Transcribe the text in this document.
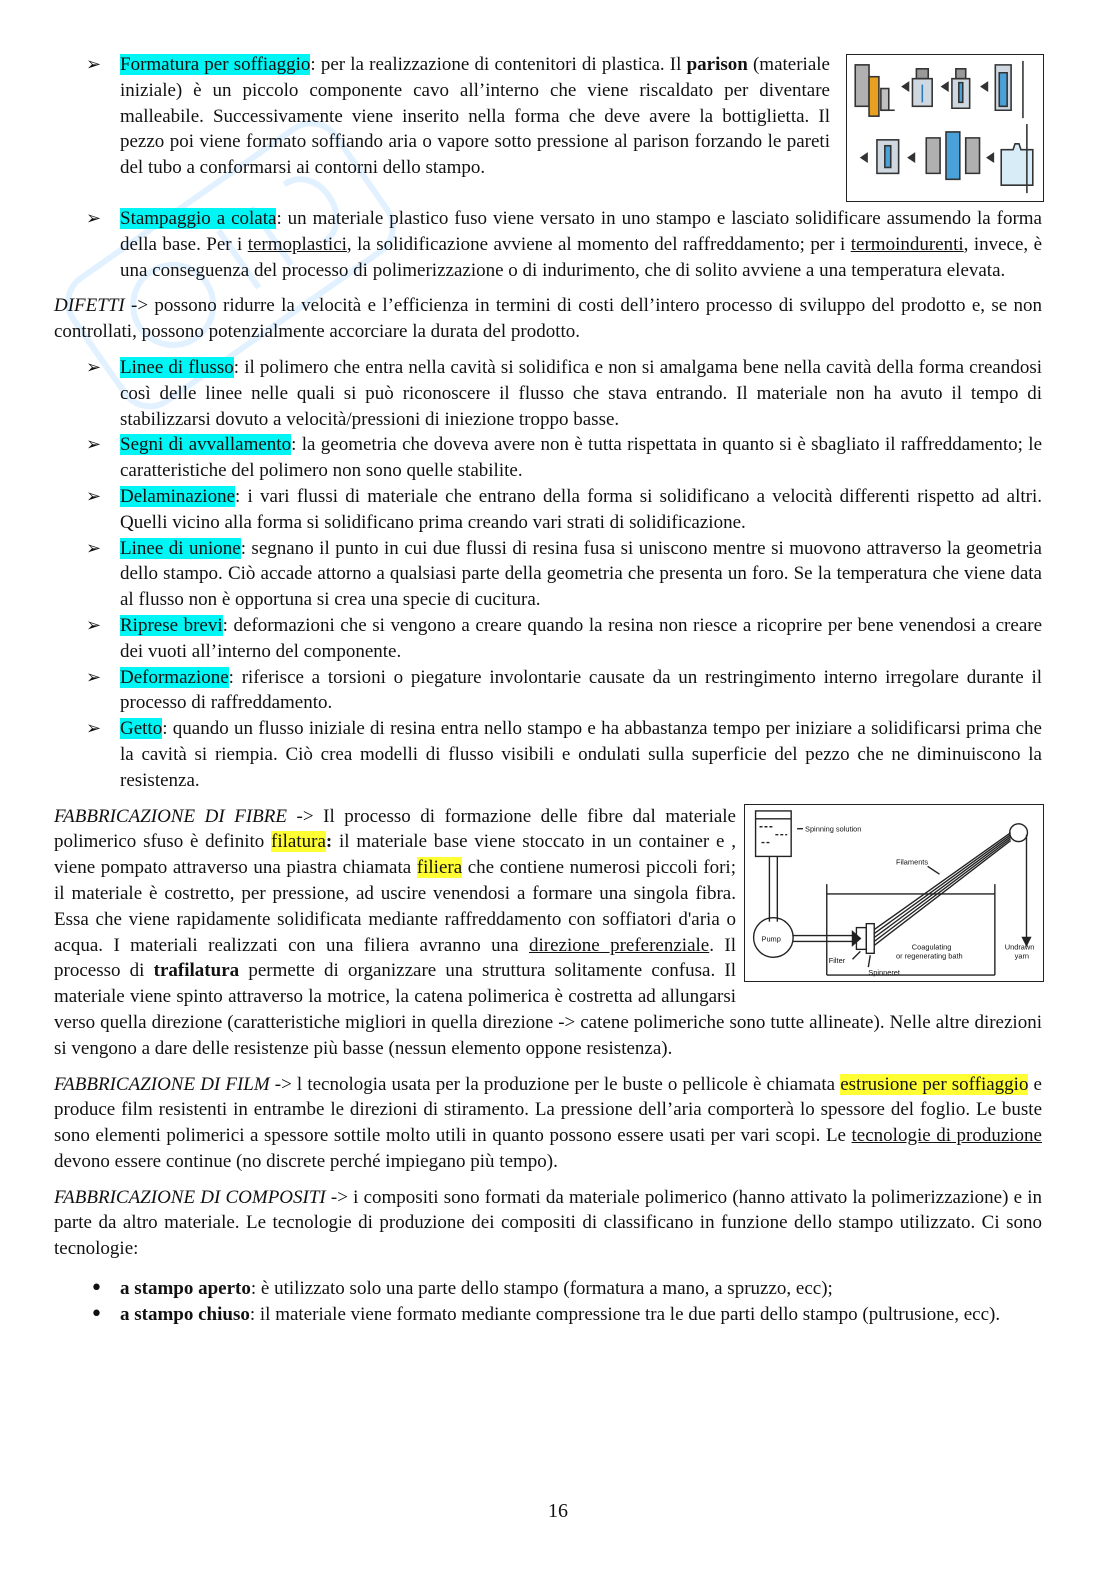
➢ Formatura per soffiaggio: per la realizzazione di contenitori di plastica. Il parison (materiale iniziale) è un piccolo componente cavo all’interno che viene riscaldato per diventare malleabile. Successivamente viene inserito nella forma che deve avere la bottiglietta. Il pezzo poi viene formato soffiando aria o vapore sotto pressione al parison forzando le pareti del tubo a conformarsi ai contorni dello stampo.
➢ Stampaggio a colata: un materiale plastico fuso viene versato in uno stampo e lasciato solidificare assumendo la forma della base. Per i termoplastici, la solidificazione avviene al momento del raffreddamento; per i termoindurenti, invece, è una conseguenza del processo di polimerizzazione o di indurimento, che di solito avviene a una temperatura elevata.

DIFETTI -> possono ridurre la velocità e l’efficienza in termini di costi dell’intero processo di sviluppo del prodotto e, se non controllati, possono potenzialmente accorciare la durata del prodotto.

➢ Linee di flusso: il polimero che entra nella cavità si solidifica e non si amalgama bene nella cavità della forma creandosi così delle linee nelle quali si può riconoscere il flusso che stava entrando. Il materiale non ha avuto il tempo di stabilizzarsi dovuto a velocità/pressioni di iniezione troppo basse.
➢ Segni di avvallamento: la geometria che doveva avere non è tutta rispettata in quanto si è sbagliato il raffreddamento; le caratteristiche del polimero non sono quelle stabilite.
➢ Delaminazione: i vari flussi di materiale che entrano della forma si solidificano a velocità differenti rispetto ad altri. Quelli vicino alla forma si solidificano prima creando vari strati di solidificazione.
➢ Linee di unione: segnano il punto in cui due flussi di resina fusa si uniscono mentre si muovono attraverso la geometria dello stampo. Ciò accade attorno a qualsiasi parte della geometria che presenta un foro. Se la temperatura che viene data al flusso non è opportuna si crea una specie di cucitura.
➢ Riprese brevi: deformazioni che si vengono a creare quando la resina non riesce a ricoprire per bene venendosi a creare dei vuoti all’interno del componente.
➢ Deformazione: riferisce a torsioni o piegature involontarie causate da un restringimento interno irregolare durante il processo di raffreddamento.
➢ Getto: quando un flusso iniziale di resina entra nello stampo e ha abbastanza tempo per iniziare a solidificarsi prima che la cavità si riempia. Ciò crea modelli di flusso visibili e ondulati sulla superficie del pezzo che ne diminuiscono la resistenza.

Spinning solution
Filaments
Pump
Filter
Spinneret
Coagulating
or regenerating bath
Undrawn
yarn
FABBRICAZIONE DI FIBRE -> Il processo di formazione delle fibre dal materiale polimerico sfuso è definito filatura: il materiale base viene stoccato in un container e , viene pompato attraverso una piastra chiamata filiera che contiene numerosi piccoli fori; il materiale è costretto, per pressione, ad uscire venendosi a formare una singola fibra. Essa che viene rapidamente solidificata mediante raffreddamento con soffiatori d'aria o acqua. I materiali realizzati con una filiera avranno una direzione preferenziale. Il processo di trafilatura permette di organizzare una struttura solitamente confusa. Il materiale viene spinto attraverso la motrice, la catena polimerica è costretta ad allungarsi verso quella direzione (caratteristiche migliori in quella direzione -> catene polimeriche sono tutte allineate). Nelle altre direzioni si vengono a dare delle resistenze più basse (nessun elemento oppone resistenza).

FABBRICAZIONE DI FILM -> l tecnologia usata per la produzione per le buste o pellicole è chiamata estrusione per soffiaggio e produce film resistenti in entrambe le direzioni di stiramento. La pressione dell’aria comporterà lo spessore del foglio. Le buste sono elementi polimerici a spessore sottile molto utili in quanto possono essere usati per vari scopi. Le tecnologie di produzione devono essere continue (no discrete perché impiegano più tempo).

FABBRICAZIONE DI COMPOSITI -> i compositi sono formati da materiale polimerico (hanno attivato la polimerizzazione) e in parte da altro materiale. Le tecnologie di produzione dei compositi di classificano in funzione dello stampo utilizzato. Ci sono tecnologie:

• a stampo aperto: è utilizzato solo una parte dello stampo (formatura a mano, a spruzzo, ecc);
• a stampo chiuso: il materiale viene formato mediante compressione tra le due parti dello stampo (pultrusione, ecc).
16
